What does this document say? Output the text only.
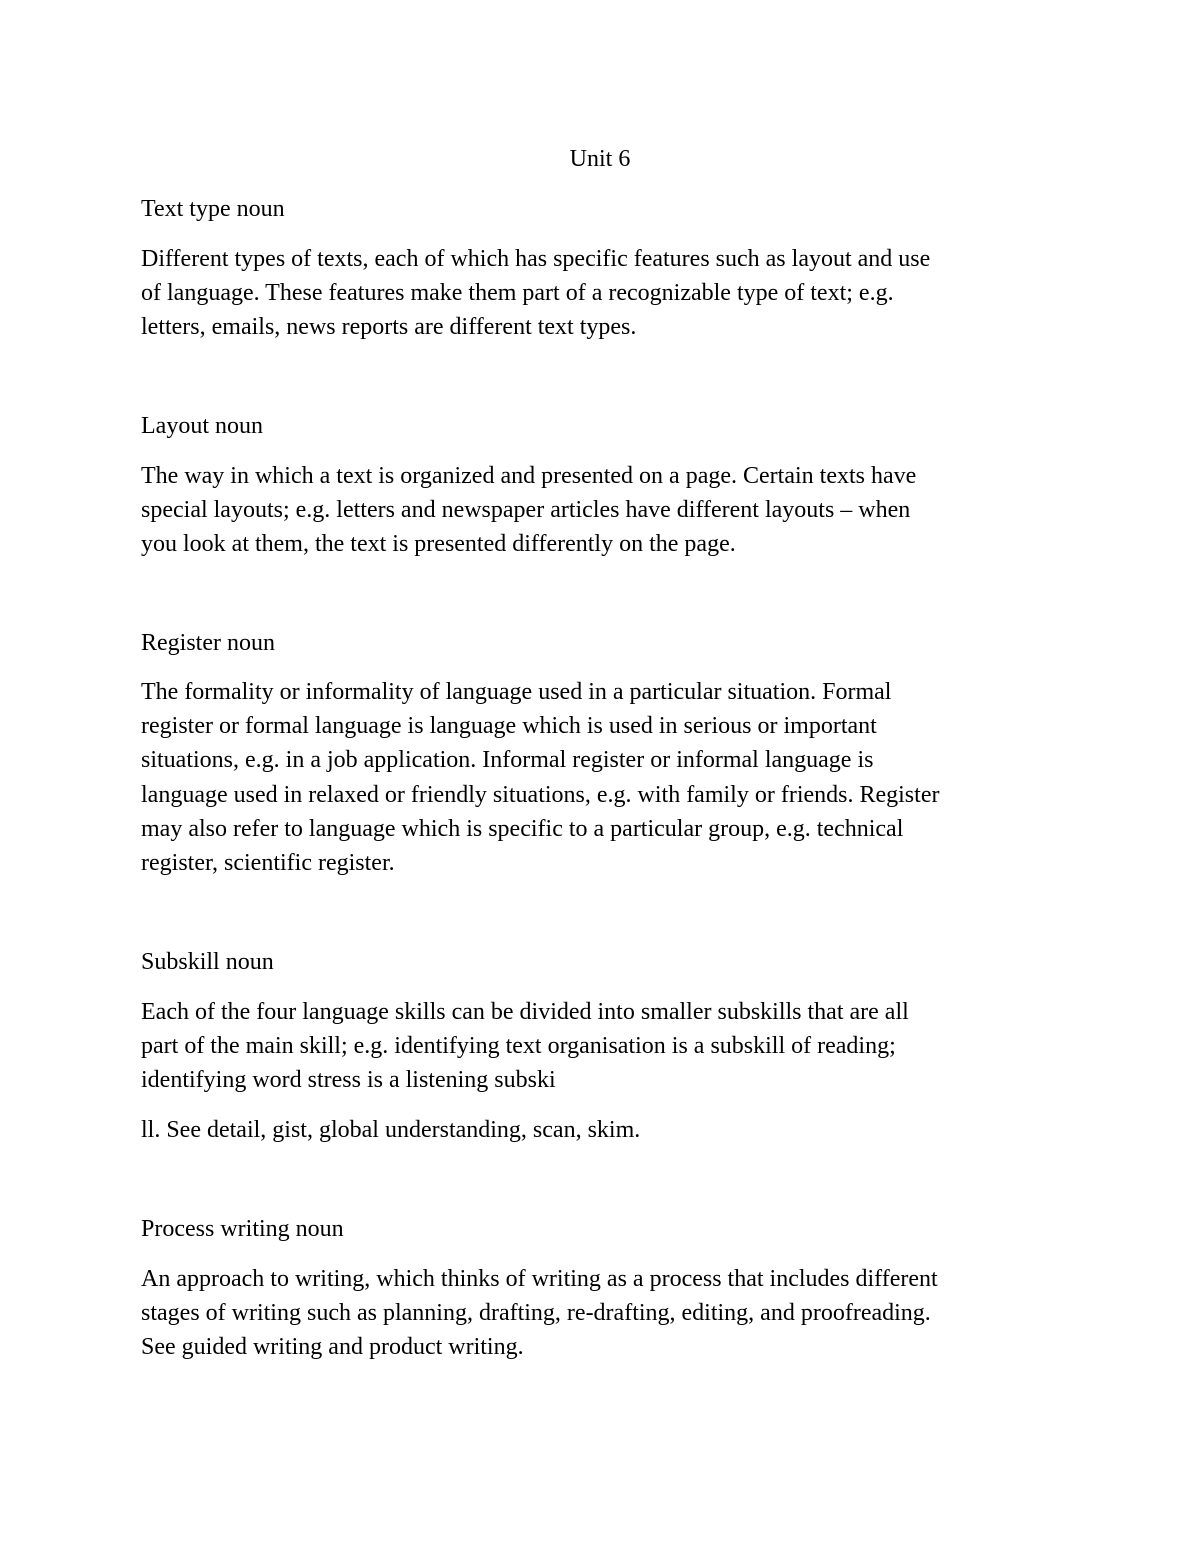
Unit 6
Text type noun
Different types of texts, each of which has specific features such as layout and use
of language. These features make them part of a recognizable type of text; e.g.
letters, emails, news reports are different text types.
Layout noun
The way in which a text is organized and presented on a page. Certain texts have
special layouts; e.g. letters and newspaper articles have different layouts – when
you look at them, the text is presented differently on the page.
Register noun
The formality or informality of language used in a particular situation. Formal
register or formal language is language which is used in serious or important
situations, e.g. in a job application. Informal register or informal language is
language used in relaxed or friendly situations, e.g. with family or friends. Register
may also refer to language which is specific to a particular group, e.g. technical
register, scientific register.
Subskill noun
Each of the four language skills can be divided into smaller subskills that are all
part of the main skill; e.g. identifying text organisation is a subskill of reading;
identifying word stress is a listening subski
ll. See detail, gist, global understanding, scan, skim.
Process writing noun
An approach to writing, which thinks of writing as a process that includes different
stages of writing such as planning, drafting, re-drafting, editing, and proofreading.
See guided writing and product writing.
